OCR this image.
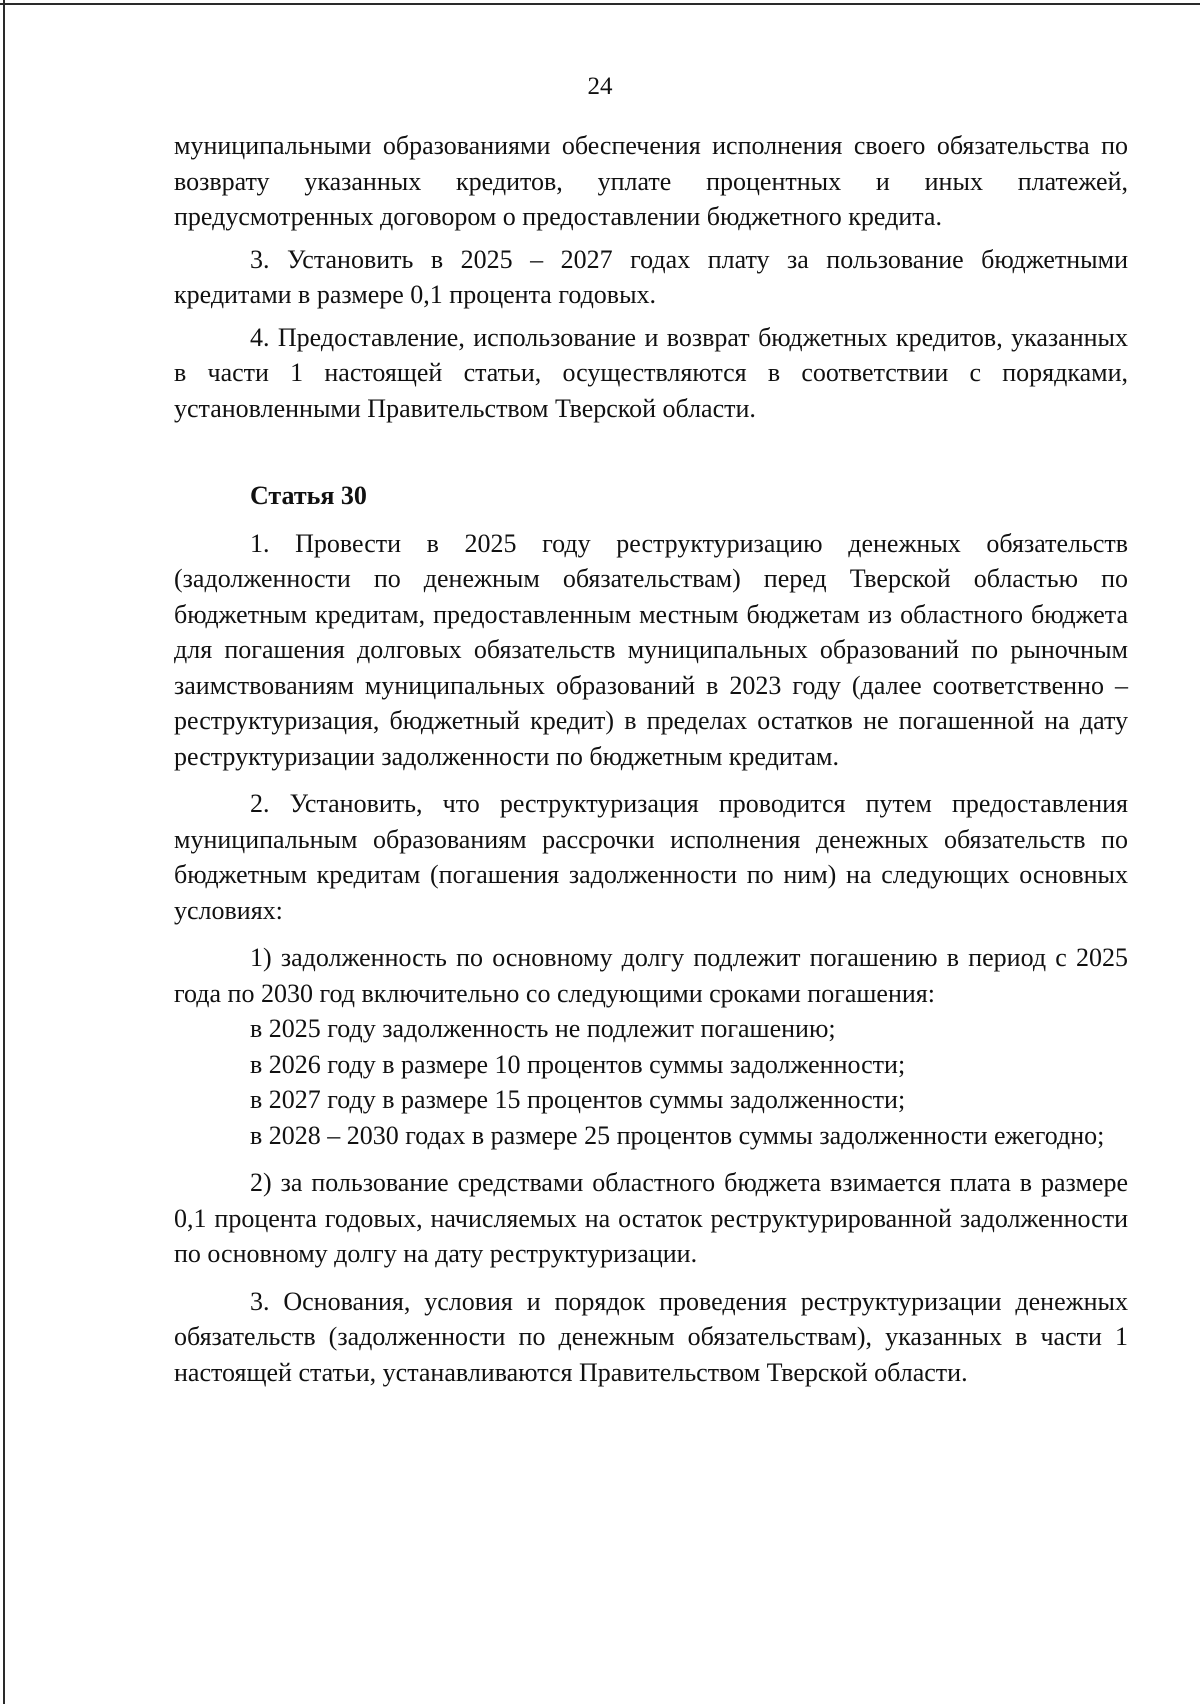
24

муниципальными образованиями обеспечения исполнения своего обязательства по возврату указанных кредитов, уплате процентных и иных платежей, предусмотренных договором о предоставлении бюджетного кредита.

3. Установить в 2025 – 2027 годах плату за пользование бюджетными кредитами в размере 0,1 процента годовых.

4. Предоставление, использование и возврат бюджетных кредитов, указанных в части 1 настоящей статьи, осуществляются в соответствии с порядками, установленными Правительством Тверской области.

Статья 30

1. Провести в 2025 году реструктуризацию денежных обязательств (задолженности по денежным обязательствам) перед Тверской областью по бюджетным кредитам, предоставленным местным бюджетам из областного бюджета для погашения долговых обязательств муниципальных образований по рыночным заимствованиям муниципальных образований в 2023 году (далее соответственно – реструктуризация, бюджетный кредит) в пределах остатков не погашенной на дату реструктуризации задолженности по бюджетным кредитам.

2. Установить, что реструктуризация проводится путем предоставления муниципальным образованиям рассрочки исполнения денежных обязательств по бюджетным кредитам (погашения задолженности по ним) на следующих основных условиях:

1) задолженность по основному долгу подлежит погашению в период с 2025 года по 2030 год включительно со следующими сроками погашения:

в 2025 году задолженность не подлежит погашению;

в 2026 году в размере 10 процентов суммы задолженности;

в 2027 году в размере 15 процентов суммы задолженности;

в 2028 – 2030 годах в размере 25 процентов суммы задолженности ежегодно;

2) за пользование средствами областного бюджета взимается плата в размере 0,1 процента годовых, начисляемых на остаток реструктурированной задолженности по основному долгу на дату реструктуризации.

3. Основания, условия и порядок проведения реструктуризации денежных обязательств (задолженности по денежным обязательствам), указанных в части 1 настоящей статьи, устанавливаются Правительством Тверской области.
